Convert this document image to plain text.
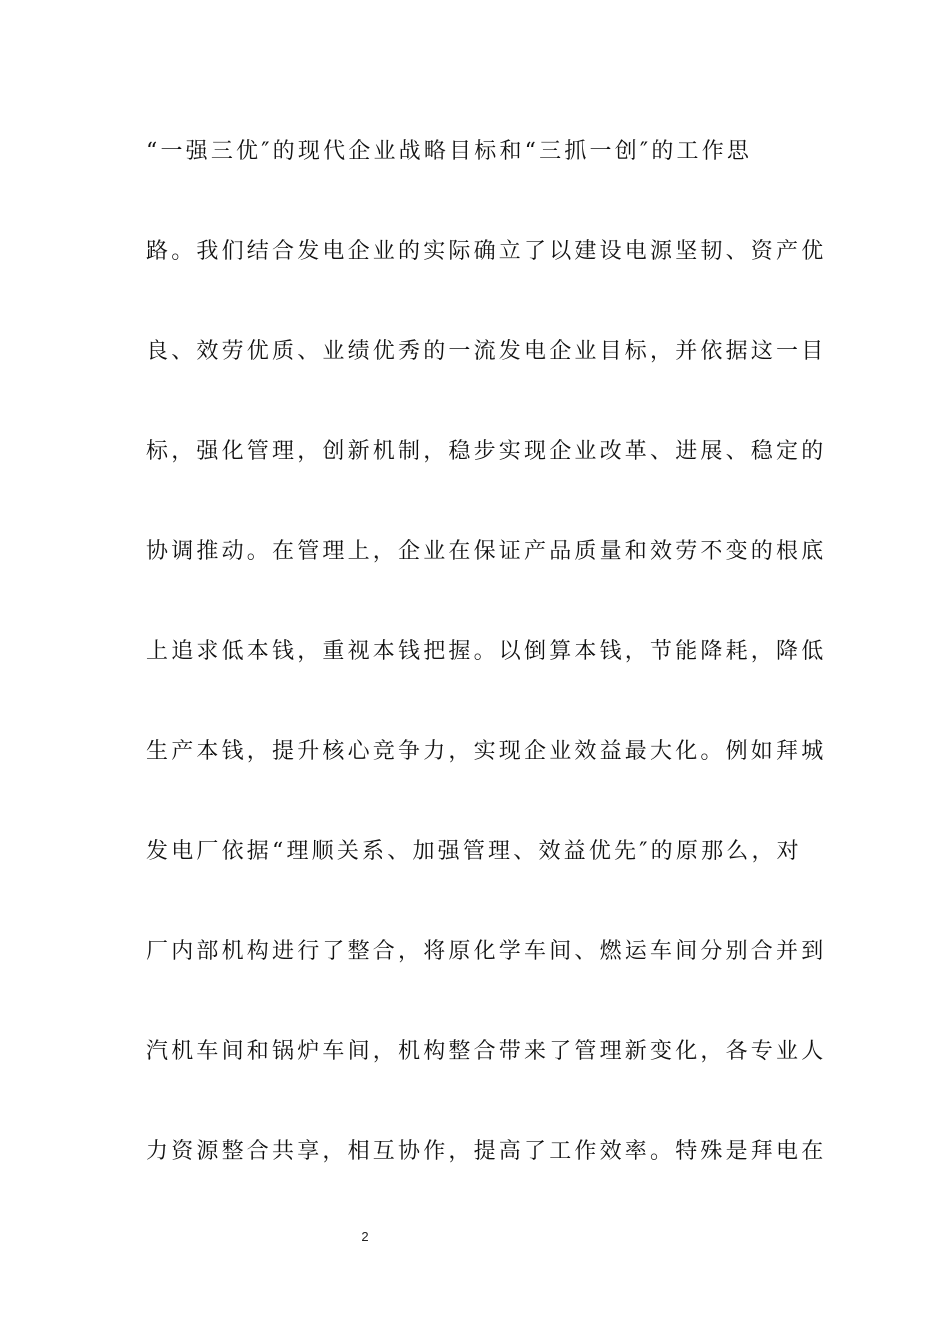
“一强三优″的现代企业战略目标和“三抓一创″的工作思
路。我们结合发电企业的实际确立了以建设电源坚韧、资产优
良、效劳优质、业绩优秀的一流发电企业目标，并依据这一目
标，强化管理，创新机制，稳步实现企业改革、进展、稳定的
协调推动。在管理上，企业在保证产品质量和效劳不变的根底
上追求低本钱，重视本钱把握。以倒算本钱，节能降耗，降低
生产本钱，提升核心竞争力，实现企业效益最大化。例如拜城
发电厂依据“理顺关系、加强管理、效益优先″的原那么，对
厂内部机构进行了整合，将原化学车间、燃运车间分别合并到
汽机车间和锅炉车间，机构整合带来了管理新变化，各专业人
力资源整合共享，相互协作，提高了工作效率。特殊是拜电在
2
